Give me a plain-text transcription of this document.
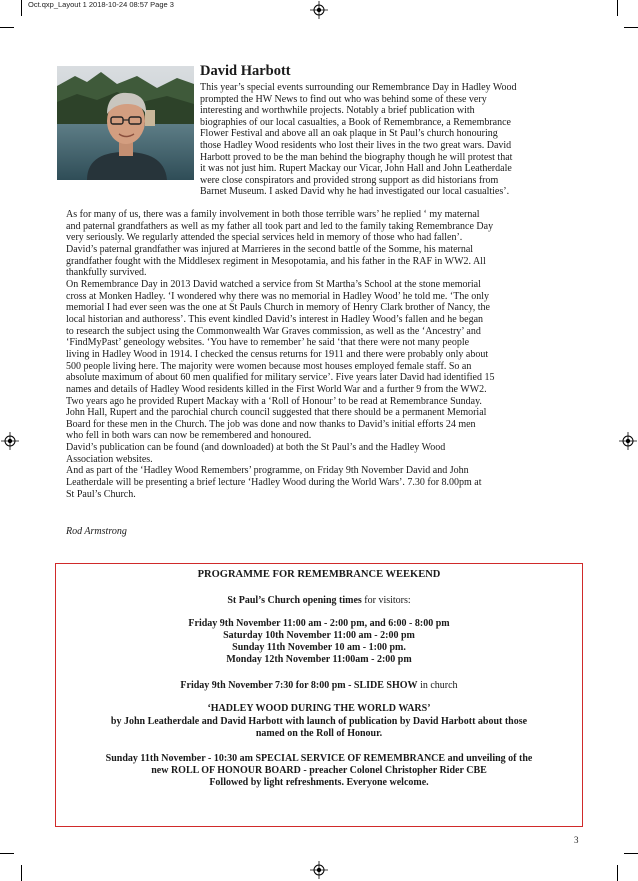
Oct.qxp_Layout 1 2018-10-24 08:57 Page 3
David Harbott
This year’s special events surrounding our Remembrance Day in Hadley Wood
prompted the HW News to find out who was behind some of these very
interesting and worthwhile projects. Notably a brief publication with
biographies of our local casualties, a Book of Remembrance, a Remembrance
Flower Festival and above all an oak plaque in St Paul’s church honouring
those Hadley Wood residents who lost their lives in the two great wars. David
Harbott proved to be the man behind the biography though he will protest that
it was not just him. Rupert Mackay our Vicar, John Hall and John Leatherdale
were close conspirators and provided strong support as did historians from
Barnet Museum. I asked David why he had investigated our local casualties’.
As for many of us, there was a family involvement in both those terrible wars’ he replied ‘ my maternal
and paternal grandfathers as well as my father all took part and led to the family taking Remembrance Day
very seriously. We regularly attended the special services held in memory of those who had fallen’.
David’s paternal grandfather was injured at Marrieres in the second battle of the Somme, his maternal
grandfather fought with the Middlesex regiment in Mesopotamia, and his father in the RAF in WW2. All
thankfully survived.
On Remembrance Day in 2013 David watched a service from St Martha’s School at the stone memorial
cross at Monken Hadley. ‘I wondered why there was no memorial in Hadley Wood’ he told me. ‘The only
memorial I had ever seen was the one at St Pauls Church in memory of Henry Clark brother of Nancy, the
local historian and authoress’. This event kindled David’s interest in Hadley Wood’s fallen and he began
to research the subject using the Commonwealth War Graves commission, as well as the ‘Ancestry’ and
‘FindMyPast’ geneology websites. ‘You have to remember’ he said ‘that there were not many people
living in Hadley Wood in 1914. I checked the census returns for 1911 and there were probably only about
500 people living here. The majority were women because most houses employed female staff. So an
absolute maximum of about 60 men qualified for military service’. Five years later David had identified 15
names and details of Hadley Wood residents killed in the First World War and a further 9 from the WW2.
Two years ago he provided Rupert Mackay with a ‘Roll of Honour’ to be read at Remembrance Sunday.
John Hall, Rupert and the parochial church council suggested that there should be a permanent Memorial
Board for these men in the Church. The job was done and now thanks to David’s initial efforts 24 men
who fell in both wars can now be remembered and honoured.
David’s publication can be found (and downloaded) at both the St Paul’s and the Hadley Wood
Association websites.
And as part of the ‘Hadley Wood Remembers’ programme, on Friday 9th November David and John
Leatherdale will be presenting a brief lecture ‘Hadley Wood during the World Wars’. 7.30 for 8.00pm at
St Paul’s Church.
Rod Armstrong
PROGRAMME FOR REMEMBRANCE WEEKEND
St Paul’s Church opening times for visitors:
Friday 9th November 11:00 am - 2:00 pm, and 6:00 - 8:00 pm
Saturday 10th November 11:00 am - 2:00 pm
Sunday 11th November 10 am - 1:00 pm.
Monday 12th November 11:00am - 2:00 pm
Friday 9th November 7:30 for 8:00 pm - SLIDE SHOW in church
‘HADLEY WOOD DURING THE WORLD WARS’
by John Leatherdale and David Harbott with launch of publication by David Harbott about those
named on the Roll of Honour.
Sunday 11th November - 10:30 am SPECIAL SERVICE OF REMEMBRANCE and unveiling of the
new ROLL OF HONOUR BOARD - preacher Colonel Christopher Rider CBE
Followed by light refreshments. Everyone welcome.
3
